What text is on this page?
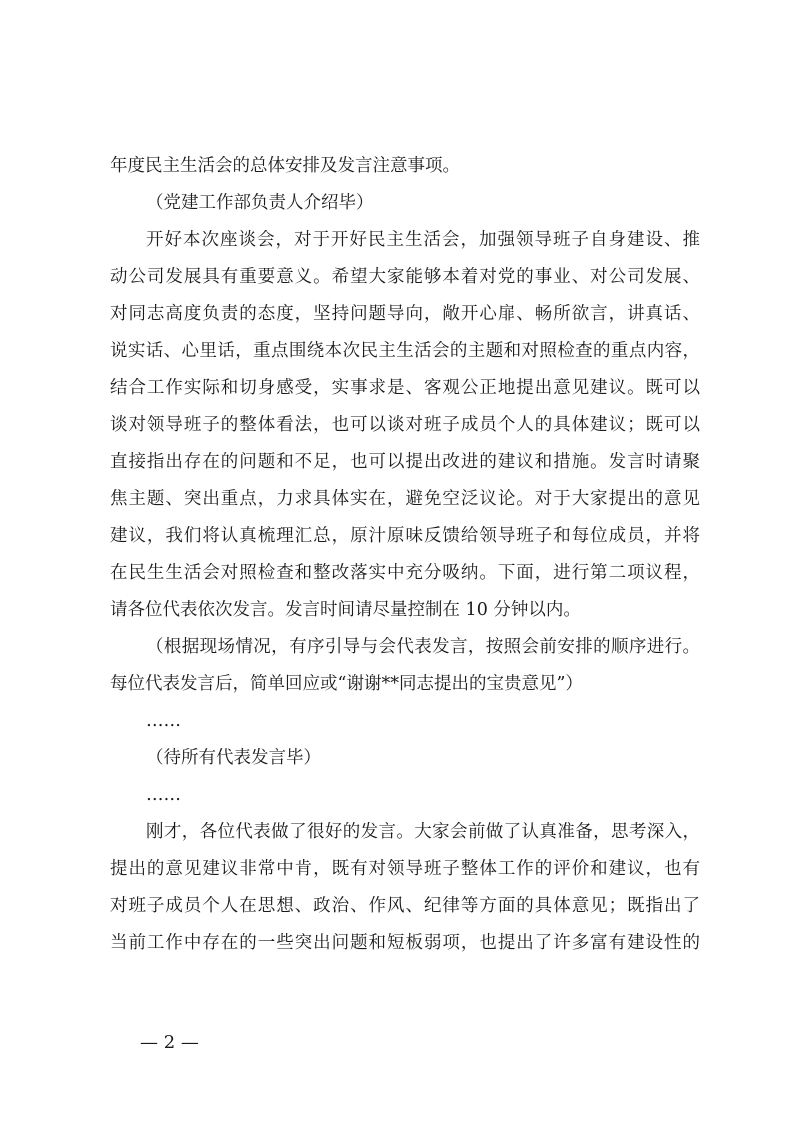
年度民主生活会的总体安排及发言注意事项。
（党建工作部负责人介绍毕）
开好本次座谈会，对于开好民主生活会，加强领导班子自身建设、推
动公司发展具有重要意义。希望大家能够本着对党的事业、对公司发展、
对同志高度负责的态度，坚持问题导向，敞开心扉、畅所欲言，讲真话、
说实话、心里话，重点围绕本次民主生活会的主题和对照检查的重点内容，
结合工作实际和切身感受，实事求是、客观公正地提出意见建议。既可以
谈对领导班子的整体看法，也可以谈对班子成员个人的具体建议；既可以
直接指出存在的问题和不足，也可以提出改进的建议和措施。发言时请聚
焦主题、突出重点，力求具体实在，避免空泛议论。对于大家提出的意见
建议，我们将认真梳理汇总，原汁原味反馈给领导班子和每位成员，并将
在民生生活会对照检查和整改落实中充分吸纳。下面，进行第二项议程，
请各位代表依次发言。发言时间请尽量控制在 10 分钟以内。
（根据现场情况，有序引导与会代表发言，按照会前安排的顺序进行。
每位代表发言后，简单回应或“谢谢**同志提出的宝贵意见”）
……
（待所有代表发言毕）
……
刚才，各位代表做了很好的发言。大家会前做了认真准备，思考深入，
提出的意见建议非常中肯，既有对领导班子整体工作的评价和建议，也有
对班子成员个人在思想、政治、作风、纪律等方面的具体意见；既指出了
当前工作中存在的一些突出问题和短板弱项，也提出了许多富有建设性的
— 2 —
